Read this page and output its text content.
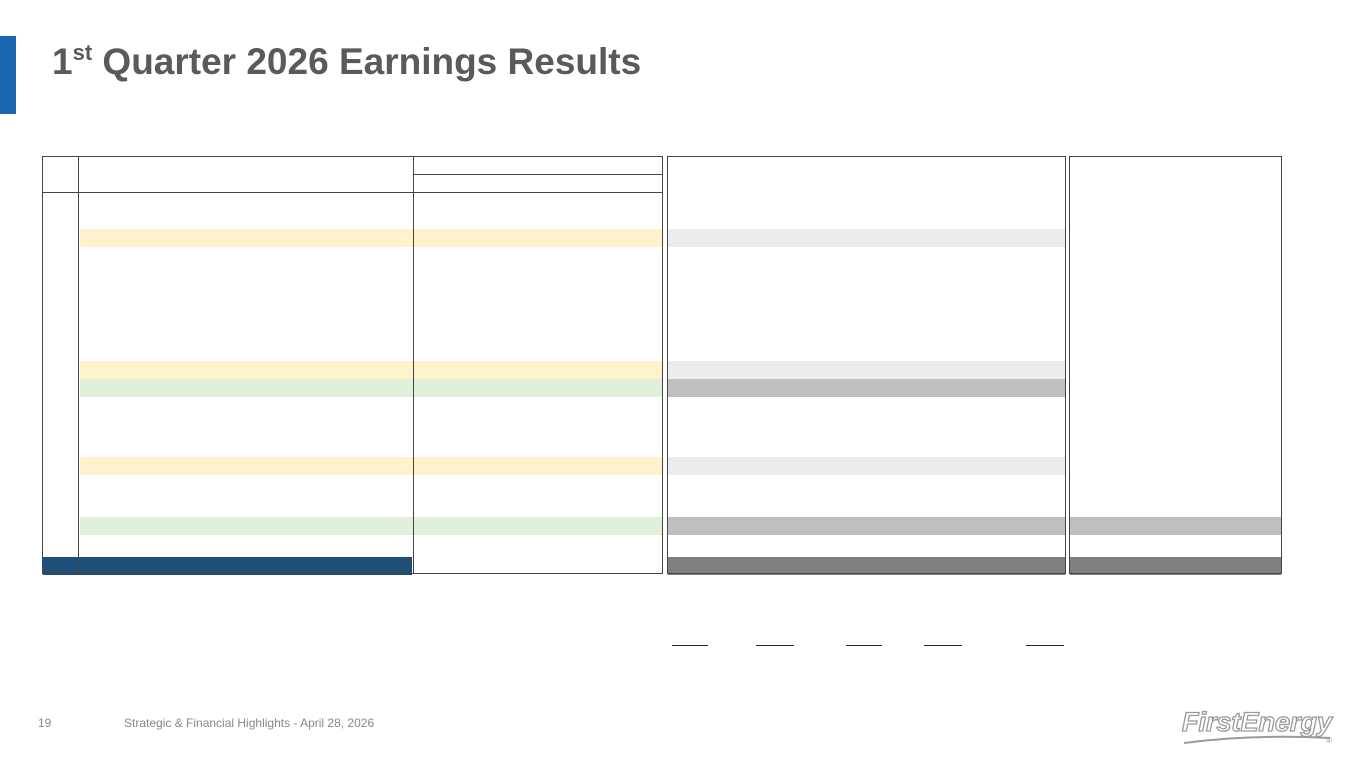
1st Quarter 2026 Earnings Results
19	Strategic & Financial Highlights - April 28, 2026	FirstEnergy
®
